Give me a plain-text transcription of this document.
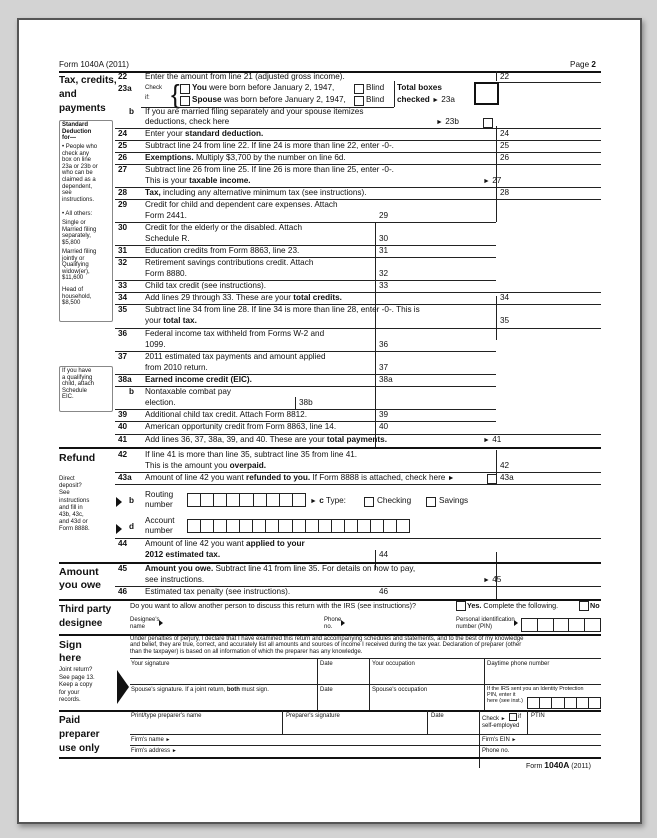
Form 1040A (2011)	Page 2
Tax, credits,
and
payments
Standard
Deduction
for—
• People who
check any
box on line
23a or 23b or
who can be
claimed as a
dependent,
see
instructions.
• All others:
Single or
Married filing
separately,
$5,800
Married filing
jointly or
Qualifying
widow(er),
$11,600
Head of
household,
$8,500
If you have
a qualifying
child, attach
Schedule
EIC.
22 Enter the amount from line 21 (adjusted gross income).	22
23a Check
if: { You were born before January 2, 1947,	Blind
Spouse was born before January 2, 1947, Blind
Total boxes
checked ► 23a
b If you are married filing separately and your spouse itemizes
deductions, check here	► 23b
24 Enter your standard deduction.	24
25 Subtract line 24 from line 22. If line 24 is more than line 22, enter -0-.	25
26 Exemptions. Multiply $3,700 by the number on line 6d.	26
27 Subtract line 26 from line 25. If line 26 is more than line 25, enter -0-.
This is your taxable income.	► 27
28 Tax, including any alternative minimum tax (see instructions).	28
29 Credit for child and dependent care expenses. Attach
Form 2441.	29
30 Credit for the elderly or the disabled. Attach
Schedule R.	30
31 Education credits from Form 8863, line 23.	31
32 Retirement savings contributions credit. Attach
Form 8880.	32
33 Child tax credit (see instructions).	33
34 Add lines 29 through 33. These are your total credits.	34
35 Subtract line 34 from line 28. If line 34 is more than line 28, enter -0-. This is
your total tax.	35
36 Federal income tax withheld from Forms W-2 and
1099.	36
37 2011 estimated tax payments and amount applied
from 2010 return.	37
38a Earned income credit (EIC).	38a
b Nontaxable combat pay
election.	38b
39 Additional child tax credit. Attach Form 8812.	39
40 American opportunity credit from Form 8863, line 14.	40
41 Add lines 36, 37, 38a, 39, and 40. These are your total payments.	► 41
Refund
Direct
deposit?
See
instructions
and fill in
43b, 43c,
and 43d or
Form 8888.
42 If line 41 is more than line 35, subtract line 35 from line 41.
This is the amount you overpaid.	42
43a Amount of line 42 you want refunded to you. If Form 8888 is attached, check here ►	43a
b
Routing
number	► c Type:	Checking	Savings
d
Account
number
44 Amount of line 42 you want applied to your
2012 estimated tax.	44
Amount
you owe
45 Amount you owe. Subtract line 41 from line 35. For details on how to pay,
see instructions.	► 45
46 Estimated tax penalty (see instructions).	46
Third party
designee
Do you want to allow another person to discuss this return with the IRS (see instructions)?	Yes. Complete the following.	No
Designee's
name
Phone
no.
Personal identification
number (PIN)
Sign
here
Joint return?
See page 13.
Keep a copy
for your
records.
Under penalties of perjury, I declare that I have examined this return and accompanying schedules and statements, and to the best of my knowledge
and belief, they are true, correct, and accurately list all amounts and sources of income I received during the tax year. Declaration of preparer (other
than the taxpayer) is based on all information of which the preparer has any knowledge.
Your signature	Date	Your occupation	Daytime phone number
Spouse's signature. If a joint return, both must sign.	Date	Spouse's occupation	If the IRS sent you an Identity Protection
PIN, enter it
here (see inst.)
Paid
preparer
use only
Print/type preparer's name	Preparer's signature	Date	Check ► if
self-employed
PTIN
Firm's name ►	Firm's EIN ►
Firm's address ►	Phone no.
Form 1040A (2011)
